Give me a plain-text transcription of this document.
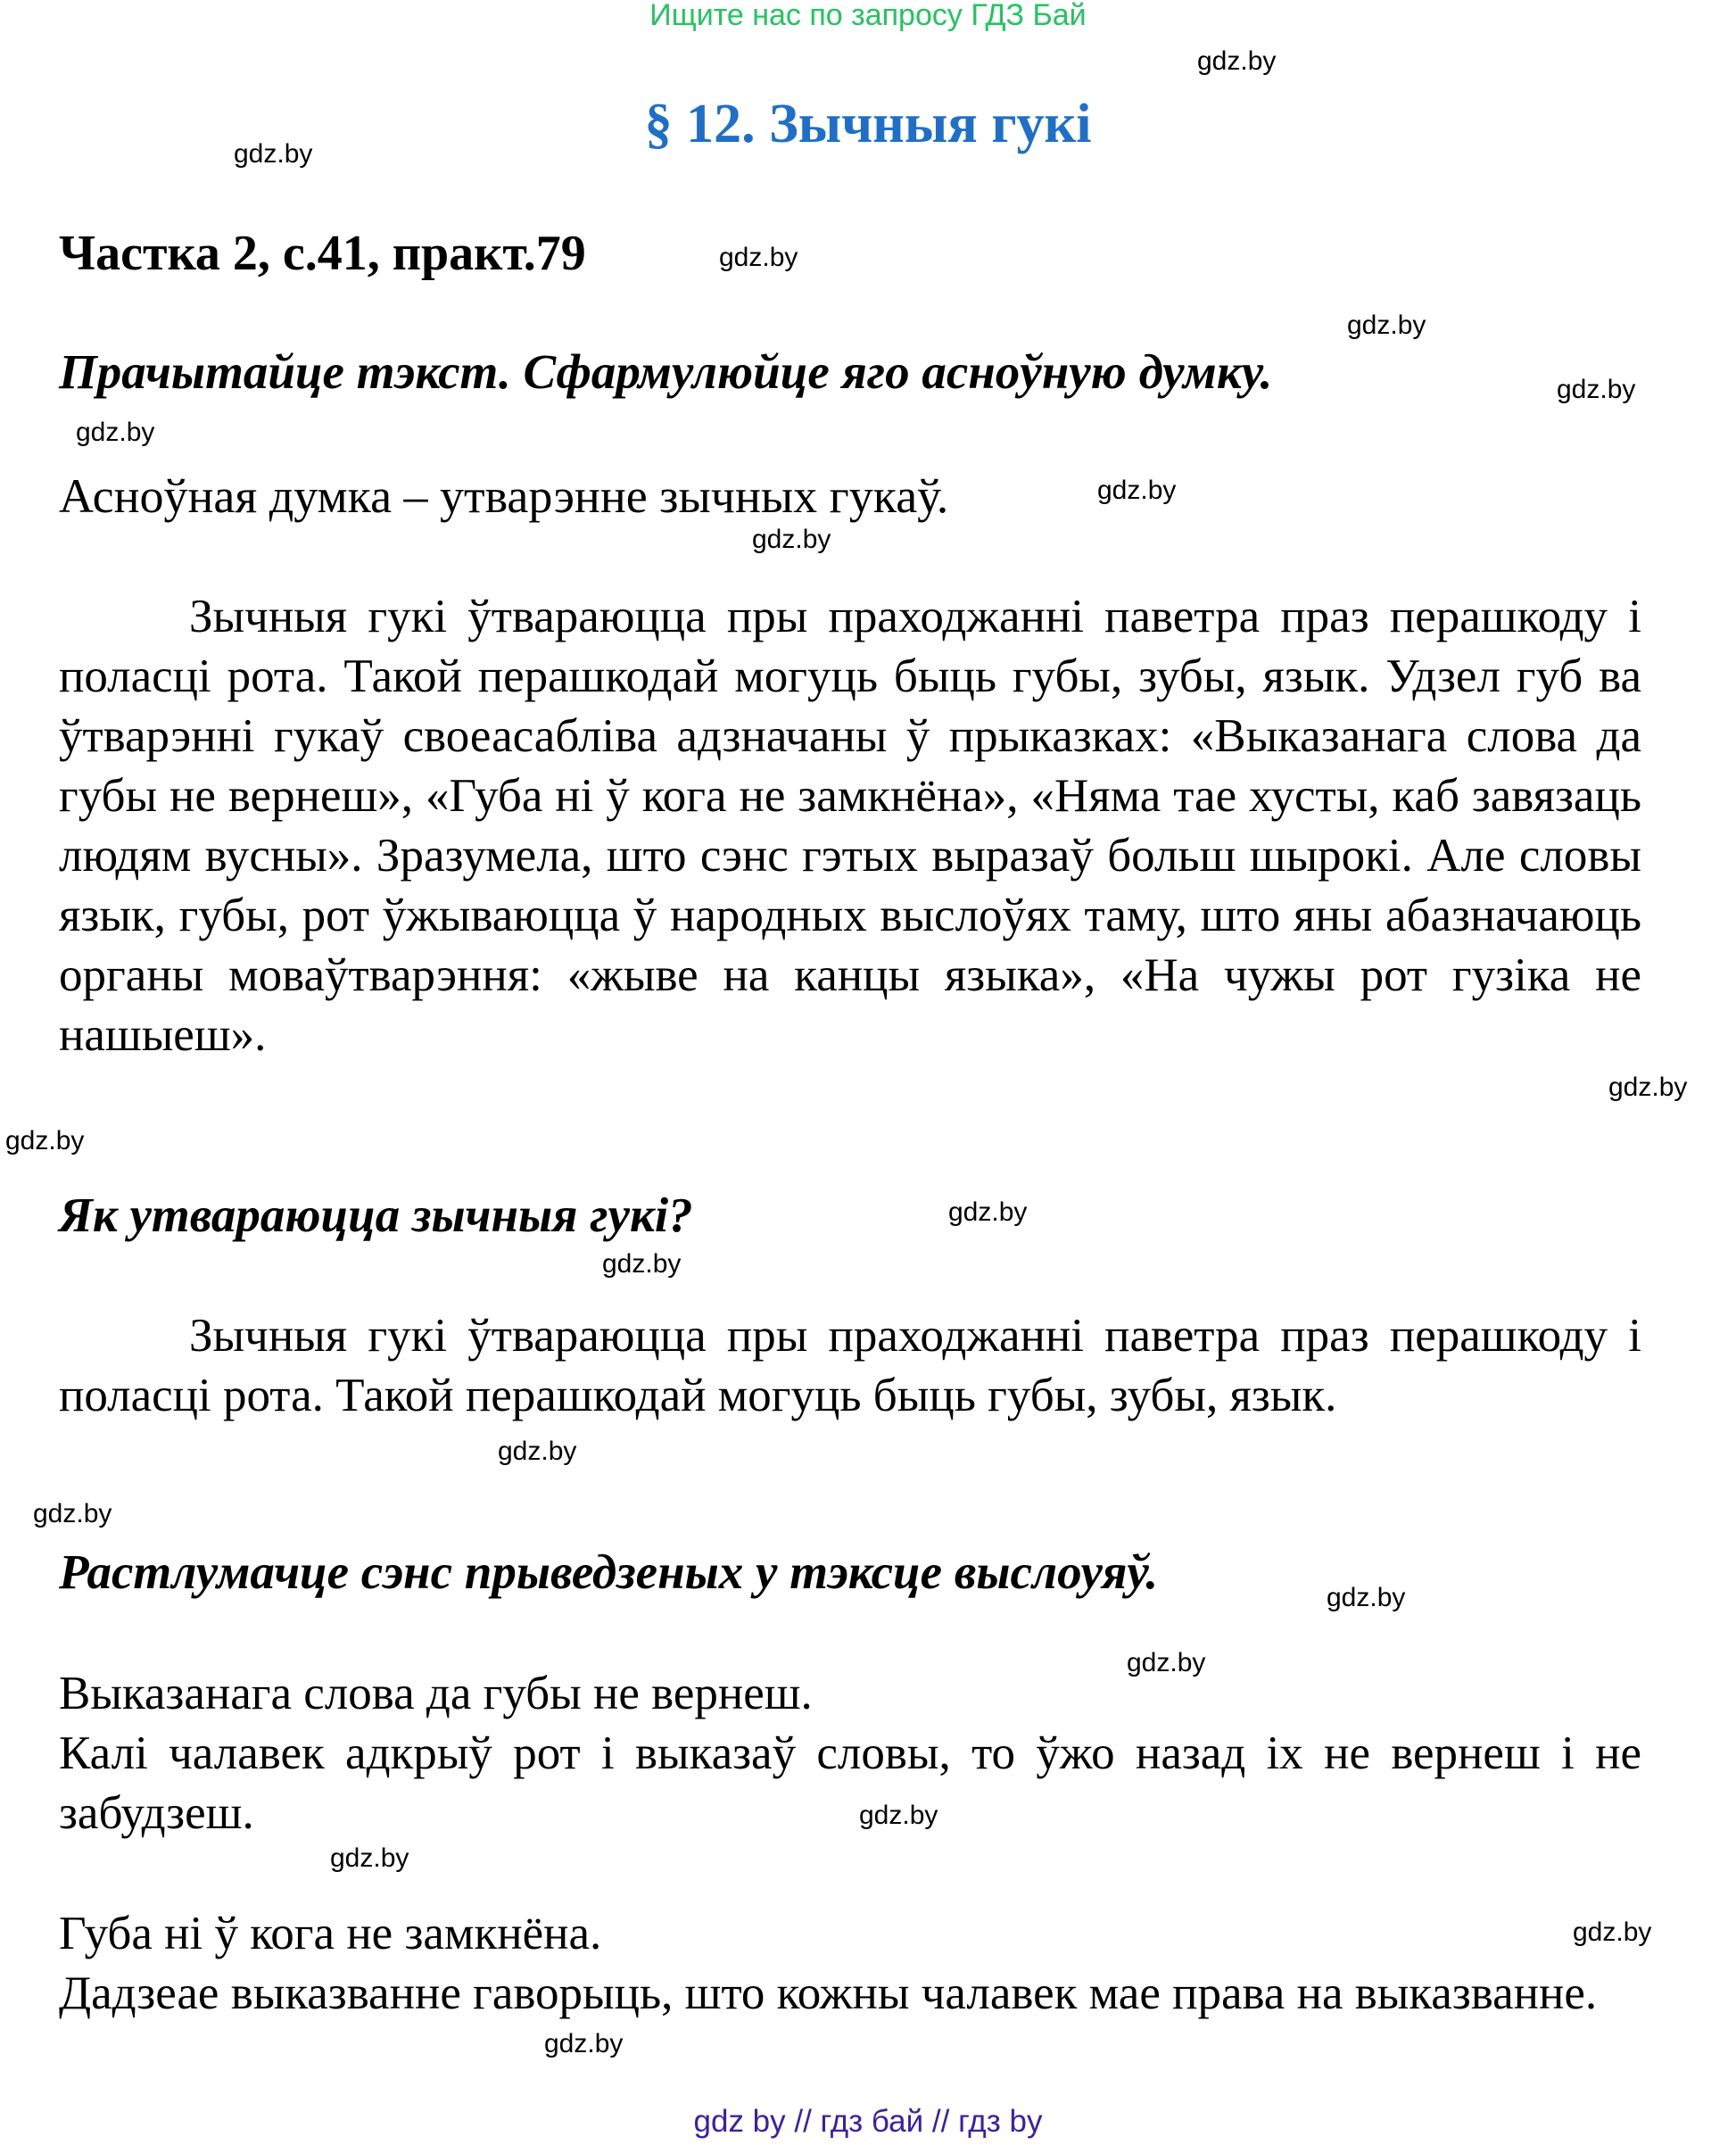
Ищите нас по запросу ГДЗ Бай
§ 12. Зычныя гукі
Частка 2, с.41, практ.79
Прачытайце тэкст. Сфармулюйце яго асноўную думку.
Асноўная думка – утварэнне зычных гукаў.
Зычныя гукі ўтвараюцца пры праходжанні паветра праз перашкоду і поласці рота. Такой перашкодай могуць быць губы, зубы, язык. Удзел губ ва ўтварэнні гукаў своеасабліва адзначаны ў прыказках: «Выказанага слова да губы не вернеш», «Губа ні ў кога не замкнёна», «Няма тае хусты, каб завязаць людям вусны». Зразумела, што сэнс гэтых выразаў больш шырокі. Але словы язык, губы, рот ўжываюцца ў народных выслоўях таму, што яны абазначаюць органы моваўтварэння: «жыве на канцы языка», «На чужы рот гузіка не нашыеш».
Як утвараюцца зычныя гукі?
Зычныя гукі ўтвараюцца пры праходжанні паветра праз перашкоду і поласці рота. Такой перашкодай могуць быць губы, зубы, язык.
Растлумачце сэнс прыведзеных у тэксце выслоуяў.
Выказанага слова да губы не вернеш.
Калі чалавек адкрыў рот і выказаў словы, то ўжо назад іх не вернеш і не забудзеш.
Губа ні ў кога не замкнёна.
Дадзеае выказванне гаворыць, што кожны чалавек мае права на выказванне.
gdz.by
gdz.by
gdz.by
gdz.by
gdz.by
gdz.by
gdz.by
gdz.by
gdz.by
gdz.by
gdz.by
gdz.by
gdz.by
gdz.by
gdz.by
gdz.by
gdz.by
gdz.by
gdz.by
gdz.by
gdz by // гдз бай // гдз by
